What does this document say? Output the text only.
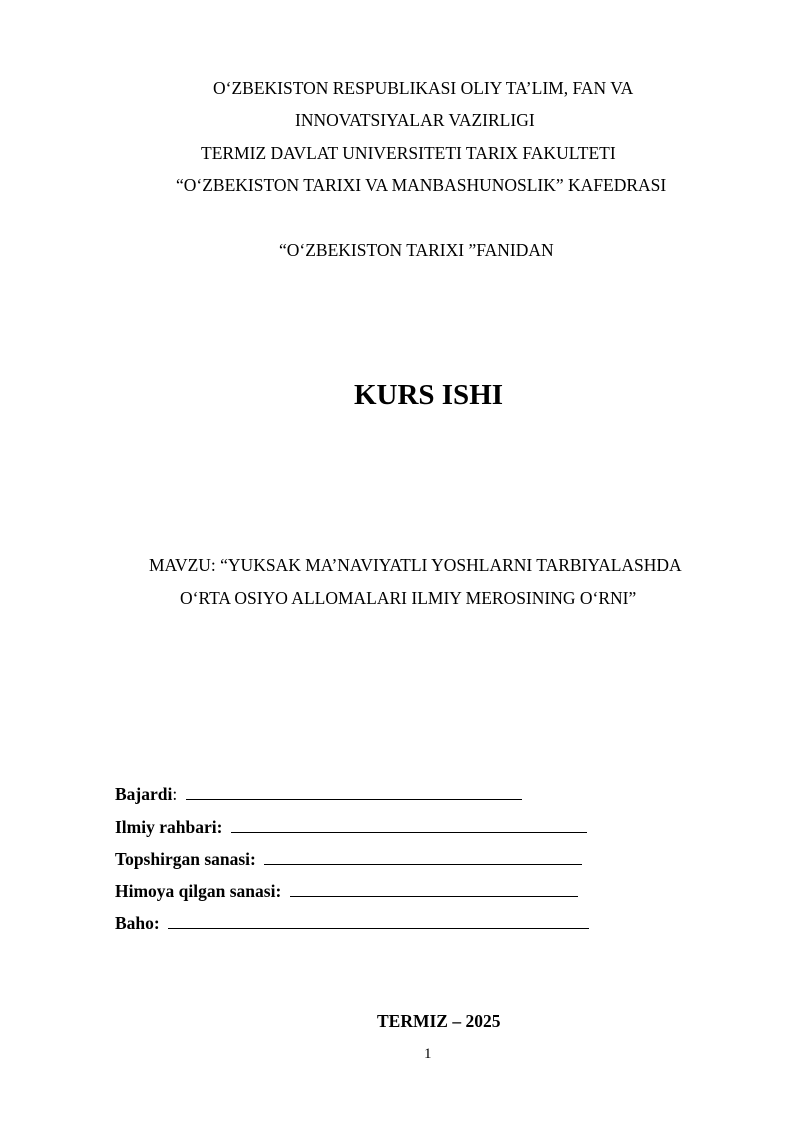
O‘ZBEKISTON RESPUBLIKASI OLIY TA’LIM, FAN VA
INNOVATSIYALAR VAZIRLIGI
TERMIZ DAVLAT UNIVERSITETI TARIX FAKULTETI
“O‘ZBEKISTON TARIXI VA MANBASHUNOSLIK” KAFEDRASI
“O‘ZBEKISTON TARIXI ”FANIDAN
KURS ISHI
MAVZU: “YUKSAK MA’NAVIYATLI YOSHLARNI TARBIYALASHDA
O‘RTA OSIYO ALLOMALARI ILMIY MEROSINING O‘RNI”
Bajardi:
Ilmiy rahbari:
Topshirgan sanasi:
Himoya qilgan sanasi:
Baho:
TERMIZ – 2025
1
